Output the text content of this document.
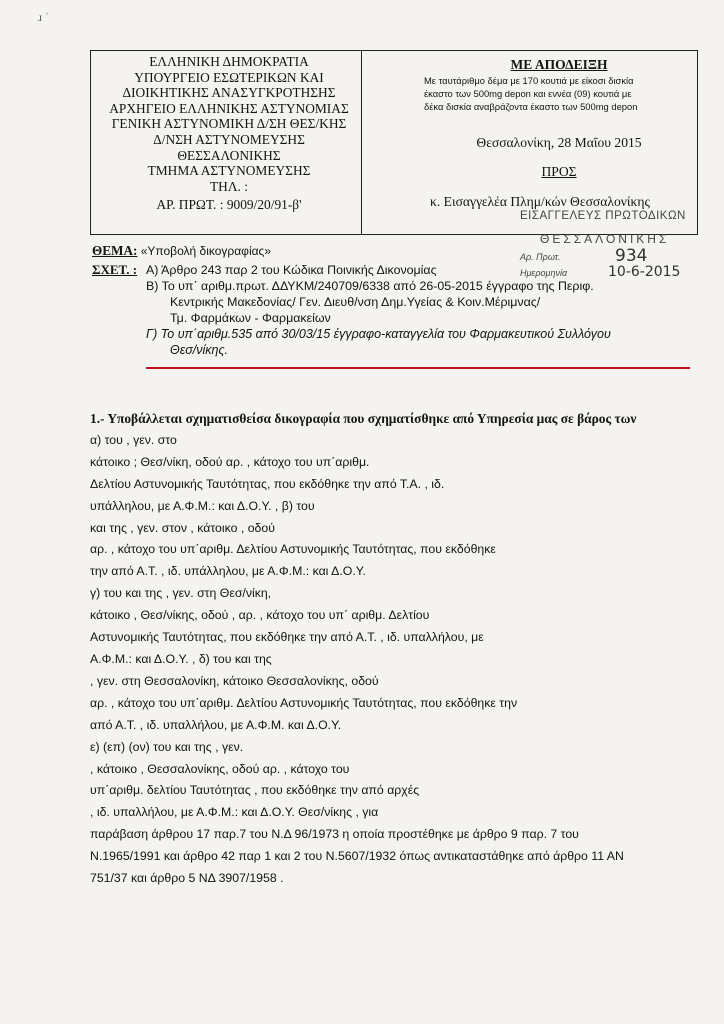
ɹ ˈ
ΕΛΛΗΝΙΚΗ ΔΗΜΟΚΡΑΤΙΑ
ΥΠΟΥΡΓΕΙΟ ΕΣΩΤΕΡΙΚΩΝ ΚΑΙ
ΔΙΟΙΚΗΤΙΚΗΣ ΑΝΑΣΥΓΚΡΟΤΗΣΗΣ
ΑΡΧΗΓΕΙΟ ΕΛΛΗΝΙΚΗΣ ΑΣΤΥΝΟΜΙΑΣ
ΓΕΝΙΚΗ ΑΣΤΥΝΟΜΙΚΗ Δ/ΣΗ ΘΕΣ/ΚΗΣ
Δ/ΝΣΗ ΑΣΤΥΝΟΜΕΥΣΗΣ
ΘΕΣΣΑΛΟΝΙΚΗΣ
ΤΜΗΜΑ ΑΣΤΥΝΟΜΕΥΣΗΣ
ΤΗΛ. :
ΑΡ. ΠΡΩΤ. : 9009/20/91-β'
ΜΕ ΑΠΟΔΕΙΞΗ
Με ταυτάριθμο δέμα με 170 κουτιά με είκοσι δισκία
έκαστο των 500mg depon και εννέα (09) κουτιά με
δέκα δισκία αναβράζοντα έκαστο των 500mg depon
Θεσσαλονίκη, 28 Μαΐου 2015
ΠΡΟΣ
κ. Εισαγγελέα Πλημ/κών Θεσσαλονίκης
ΕΙΣΑΓΓΕΛΕΥΣ ΠΡΩΤΟΔΙΚΩΝ
ΘΕΣΣΑΛΟΝΙΚΗΣ
Αρ. Πρωτ.
Ημερομηνία
934
10-6-2015
ΘΕΜΑ: «Υποβολή δικογραφίας»
ΣΧΕΤ. : Α) Άρθρο 243 παρ 2 του Κώδικα Ποινικής Δικονομίας
Β) Το υπ΄ αριθμ.πρωτ. ΔΔΥΚΜ/240709/6338 από 26-05-2015 έγγραφο της Περιφ.
Κεντρικής Μακεδονίας/ Γεν. Διευθ/νση Δημ.Υγείας & Κοιν.Μέριμνας/
Τμ. Φαρμάκων - Φαρμακείων
Γ) Το υπ΄αριθμ.535 από 30/03/15 έγγραφο-καταγγελία του Φαρμακευτικού Συλλόγου
Θεσ/νίκης.
1.- Υποβάλλεται σχηματισθείσα δικογραφία που σχηματίσθηκε από Υπηρεσία μας σε βάρος των
α) του , γεν. στο
κάτοικο ; Θεσ/νίκη, οδού αρ. , κάτοχο του υπ΄αριθμ.
Δελτίου Αστυνομικής Ταυτότητας, που εκδόθηκε την από Τ.Α. , ιδ.
υπάλληλου, με Α.Φ.Μ.: και Δ.Ο.Υ. , β) του
και της , γεν. στον , κάτοικο , οδού
αρ. , κάτοχο του υπ΄αριθμ. Δελτίου Αστυνομικής Ταυτότητας, που εκδόθηκε
την από Α.Τ. , ιδ. υπάλληλου, με Α.Φ.Μ.: και Δ.Ο.Υ.
γ) του και της , γεν. στη Θεσ/νίκη,
κάτοικο , Θεσ/νίκης, οδού , αρ. , κάτοχο του υπ΄ αριθμ. Δελτίου
Αστυνομικής Ταυτότητας, που εκδόθηκε την από Α.Τ. , ιδ. υπαλλήλου, με
Α.Φ.Μ.: και Δ.Ο.Υ. , δ) του και της
, γεν. στη Θεσσαλονίκη, κάτοικο Θεσσαλονίκης, οδού
αρ. , κάτοχο του υπ΄αριθμ. Δελτίου Αστυνομικής Ταυτότητας, που εκδόθηκε την
από Α.Τ. , ιδ. υπαλλήλου, με Α.Φ.Μ. και Δ.Ο.Υ.
ε) (επ) (ον) του και της , γεν.
, κάτοικο , Θεσσαλονίκης, οδού αρ. , κάτοχο του
υπ΄αριθμ. δελτίου Ταυτότητας , που εκδόθηκε την από αρχές
, ιδ. υπαλλήλου, με Α.Φ.Μ.: και Δ.Ο.Υ. Θεσ/νίκης , για
παράβαση άρθρου 17 παρ.7 του Ν.Δ 96/1973 η οποία προστέθηκε με άρθρο 9 παρ. 7 του
Ν.1965/1991 και άρθρο 42 παρ 1 και 2 του Ν.5607/1932 όπως αντικαταστάθηκε από άρθρο 11 ΑΝ
751/37 και άρθρο 5 ΝΔ 3907/1958 .
